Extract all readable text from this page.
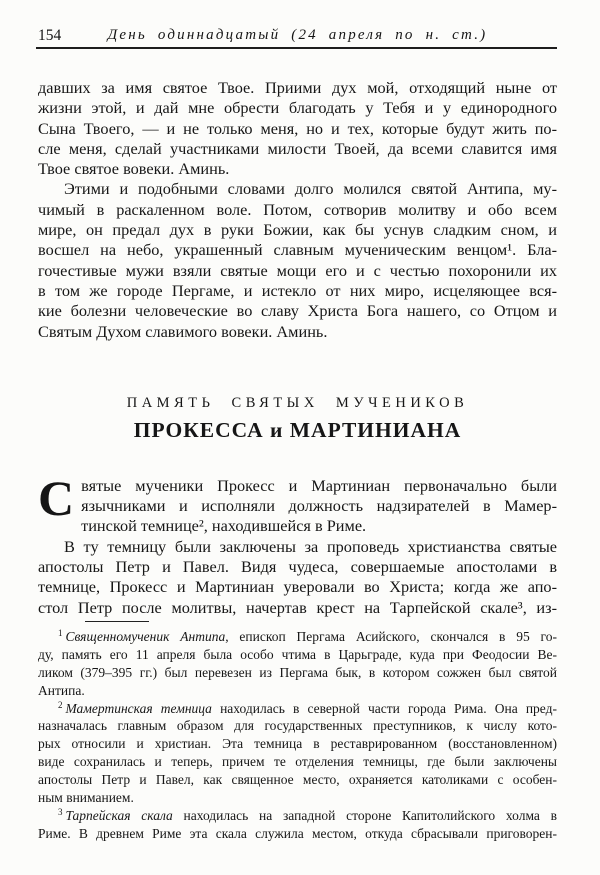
154	День одиннадцатый (24 апреля по н. ст.)
давших за имя святое Твое. Приими дух мой, отходящий ныне от
жизни этой, и дай мне обрести благодать у Тебя и у единородного
Сына Твоего, — и не только меня, но и тех, которые будут жить по-
сле меня, сделай участниками милости Твоей, да всеми славится имя
Твое святое вовеки. Аминь.
Этими и подобными словами долго молился святой Антипа, му-
чимый в раскаленном воле. Потом, сотворив молитву и обо всем
мире, он предал дух в руки Божии, как бы уснув сладким сном, и
восшел на небо, украшенный славным мученическим венцом¹. Бла-
гочестивые мужи взяли святые мощи его и с честью похоронили их
в том же городе Пергаме, и истекло от них миро, исцеляющее вся-
кие болезни человеческие во славу Христа Бога нашего, со Отцом и
Святым Духом славимого вовеки. Аминь.
ПАМЯТЬ СВЯТЫХ МУЧЕНИКОВ
ПРОКЕССА и МАРТИНИАНА
С вятые мученики Прокесс и Мартиниан первоначально были
язычниками и исполняли должность надзирателей в Мамер-
тинской темнице², находившейся в Риме.
В ту темницу были заключены за проповедь христианства святые
апостолы Петр и Павел. Видя чудеса, совершаемые апостолами в
темнице, Прокесс и Мартиниан уверовали во Христа; когда же апо-
стол Петр после молитвы, начертав крест на Тарпейской скале³, из-
$^1$ Священномученик Антипа, епископ Пергама Асийского, скончался в 95 го-
ду, память его 11 апреля была особо чтима в Царьграде, куда при Феодосии Ве-
ликом (379–395 гг.) был перевезен из Пергама бык, в котором сожжен был святой
Антипа.
$^2$ Мамертинская темница находилась в северной части города Рима. Она пред-
назначалась главным образом для государственных преступников, к числу кото-
рых относили и христиан. Эта темница в реставрированном (восстановленном)
виде сохранилась и теперь, причем те отделения темницы, где были заключены
апостолы Петр и Павел, как священное место, охраняется католиками с особен-
ным вниманием.
$^3$ Тарпейская скала находилась на западной стороне Капитолийского холма в
Риме. В древнем Риме эта скала служила местом, откуда сбрасывали приговорен-
